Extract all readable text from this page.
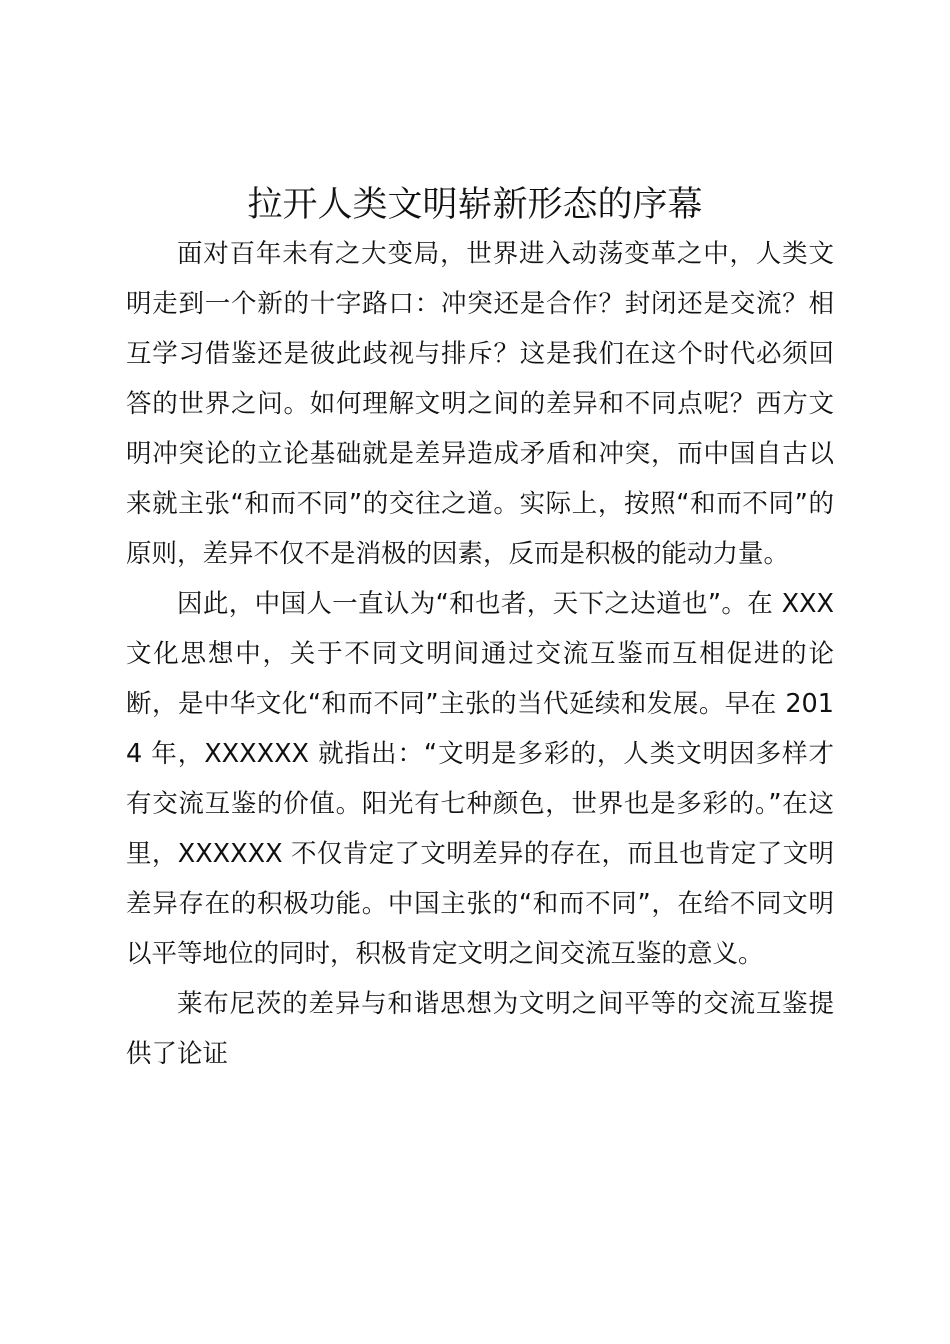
拉开人类文明崭新形态的序幕

面对百年未有之大变局，世界进入动荡变革之中，人类文明走到一个新的十字路口：冲突还是合作？封闭还是交流？相互学习借鉴还是彼此歧视与排斥？这是我们在这个时代必须回答的世界之问。如何理解文明之间的差异和不同点呢？西方文明冲突论的立论基础就是差异造成矛盾和冲突，而中国自古以来就主张“和而不同”的交往之道。实际上，按照“和而不同”的原则，差异不仅不是消极的因素，反而是积极的能动力量。

因此，中国人一直认为“和也者，天下之达道也”。在 XXX 文化思想中，关于不同文明间通过交流互鉴而互相促进的论断，是中华文化“和而不同”主张的当代延续和发展。早在 2014 年，XXXXXX 就指出：“文明是多彩的，人类文明因多样才有交流互鉴的价值。阳光有七种颜色，世界也是多彩的。”在这里，XXXXXX 不仅肯定了文明差异的存在，而且也肯定了文明差异存在的积极功能。中国主张的“和而不同”，在给不同文明以平等地位的同时，积极肯定文明之间交流互鉴的意义。

莱布尼茨的差异与和谐思想为文明之间平等的交流互鉴提供了论证
